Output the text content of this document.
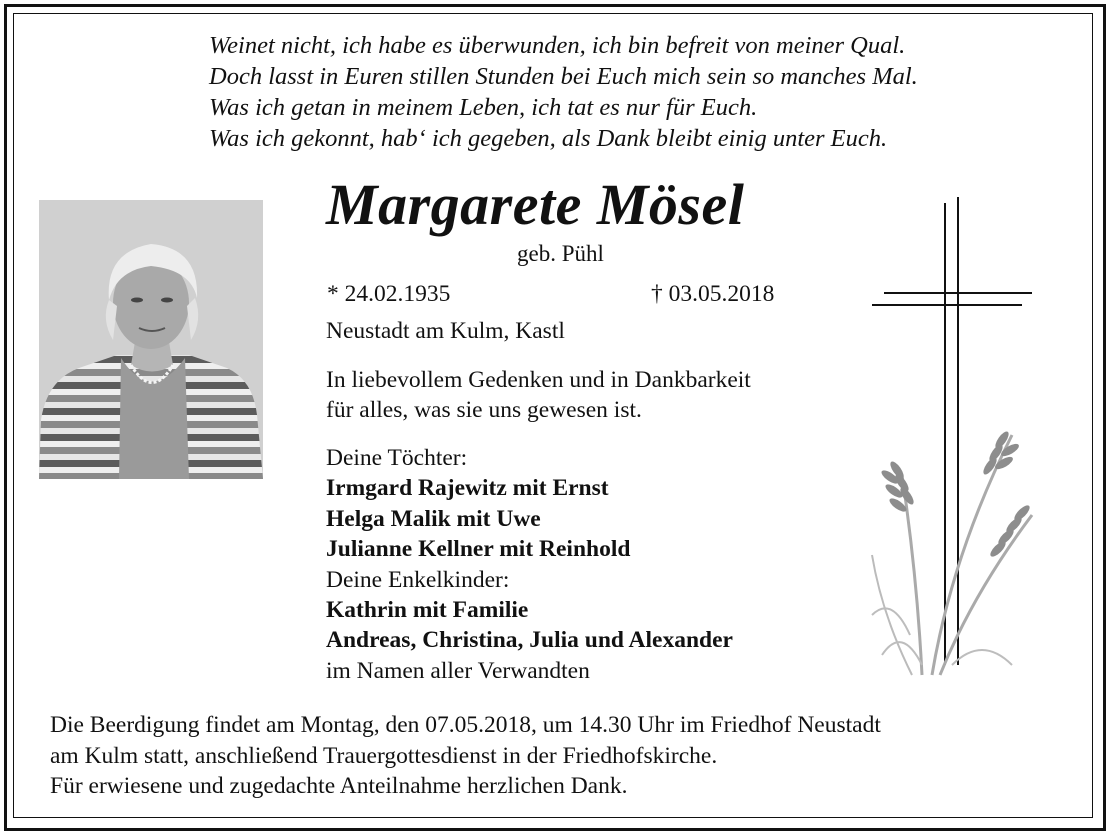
Weinet nicht, ich habe es überwunden, ich bin befreit von meiner Qual.
Doch lasst in Euren stillen Stunden bei Euch mich sein so manches Mal.
Was ich getan in meinem Leben, ich tat es nur für Euch.
Was ich gekonnt, hab‘ ich gegeben, als Dank bleibt einig unter Euch.
Margarete Mösel
geb. Pühl
* 24.02.1935	† 03.05.2018
Neustadt am Kulm, Kastl
In liebevollem Gedenken und in Dankbarkeit
für alles, was sie uns gewesen ist.
Deine Töchter:
Irmgard Rajewitz mit Ernst
Helga Malik mit Uwe
Julianne Kellner mit Reinhold
Deine Enkelkinder:
Kathrin mit Familie
Andreas, Christina, Julia und Alexander
im Namen aller Verwandten
Die Beerdigung findet am Montag, den 07.05.2018, um 14.30 Uhr im Friedhof Neustadt
am Kulm statt, anschließend Trauergottesdienst in der Friedhofskirche.
Für erwiesene und zugedachte Anteilnahme herzlichen Dank.
